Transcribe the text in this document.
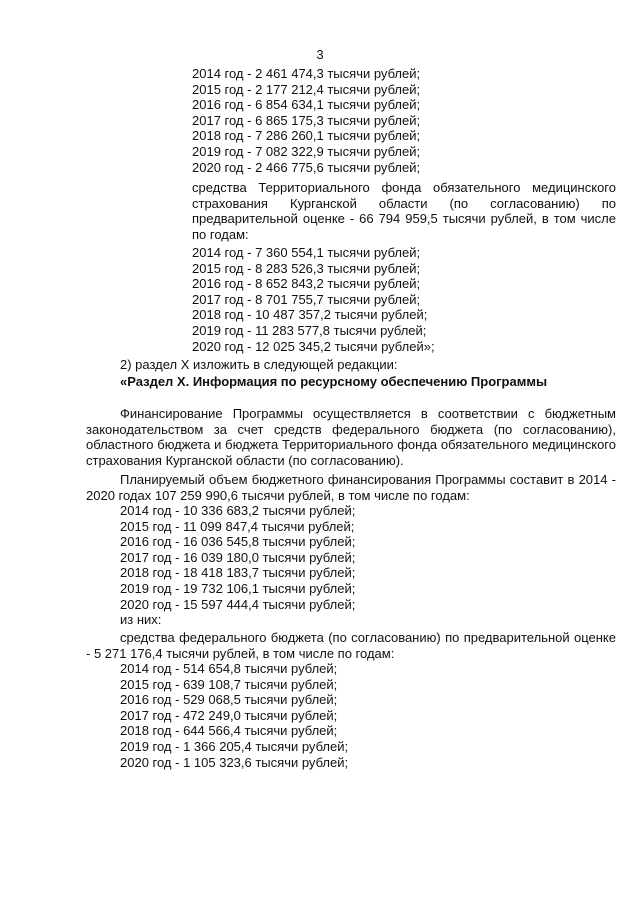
3
2014 год - 2 461 474,3 тысячи рублей;
2015 год - 2 177 212,4 тысячи рублей;
2016 год - 6 854 634,1 тысячи рублей;
2017 год - 6 865 175,3 тысячи рублей;
2018 год - 7 286 260,1 тысячи рублей;
2019 год - 7 082 322,9 тысячи рублей;
2020 год - 2 466 775,6 тысячи рублей;
средства Территориального фонда обязательного медицинского страхования Курганской области (по согласованию) по предварительной оценке - 66 794 959,5 тысячи рублей, в том числе по годам:
2014 год - 7 360 554,1 тысячи рублей;
2015 год - 8 283 526,3 тысячи рублей;
2016 год - 8 652 843,2 тысячи рублей;
2017 год - 8 701 755,7 тысячи рублей;
2018 год - 10 487 357,2 тысячи рублей;
2019 год - 11 283 577,8 тысячи рублей;
2020 год - 12 025 345,2 тысячи рублей»;
2) раздел X изложить в следующей редакции:
«Раздел X. Информация по ресурсному обеспечению Программы
Финансирование Программы осуществляется в соответствии с бюджетным законодательством за счет средств федерального бюджета (по согласованию), областного бюджета и бюджета Территориального фонда обязательного медицинского страхования Курганской области (по согласованию).
Планируемый объем бюджетного финансирования Программы составит в 2014 - 2020 годах 107 259 990,6 тысячи рублей, в том числе по годам:
2014 год - 10 336 683,2 тысячи рублей;
2015 год - 11 099 847,4 тысячи рублей;
2016 год - 16 036 545,8 тысячи рублей;
2017 год - 16 039 180,0 тысячи рублей;
2018 год - 18 418 183,7 тысячи рублей;
2019 год - 19 732 106,1 тысячи рублей;
2020 год - 15 597 444,4 тысячи рублей;
из них:
средства федерального бюджета (по согласованию) по предварительной оценке - 5 271 176,4 тысячи рублей, в том числе по годам:
2014 год - 514 654,8 тысячи рублей;
2015 год - 639 108,7 тысячи рублей;
2016 год - 529 068,5 тысячи рублей;
2017 год - 472 249,0 тысячи рублей;
2018 год - 644 566,4 тысячи рублей;
2019 год - 1 366 205,4 тысячи рублей;
2020 год - 1 105 323,6 тысячи рублей;
